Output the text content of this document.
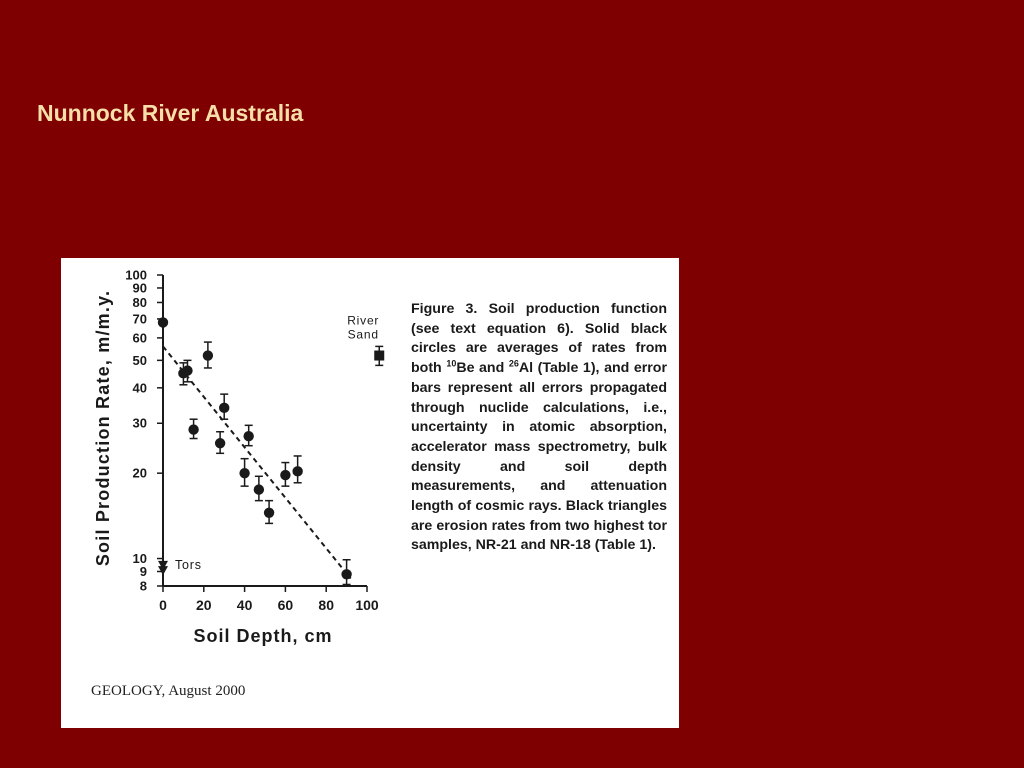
Nunnock River Australia
8
9
10
20
30
40
50
60
70
80
90
100
0 20 40 60 80 100
Soil Depth, cm
Soil Production Rate, m/m.y.	Tors
River
Sand

Figure 3. Soil production function (see text equation 6). Solid black circles are averages of rates from both $^{10}$Be and $^{26}$Al (Table 1), and error bars represent all errors propagated through nuclide calculations, i.e., uncertainty in atomic absorption, accelerator mass spectrometry, bulk density and soil depth measurements, and attenuation length of cosmic rays. Black triangles are erosion rates from two highest tor samples, NR-21 and NR-18 (Table 1).

GEOLOGY, August 2000
